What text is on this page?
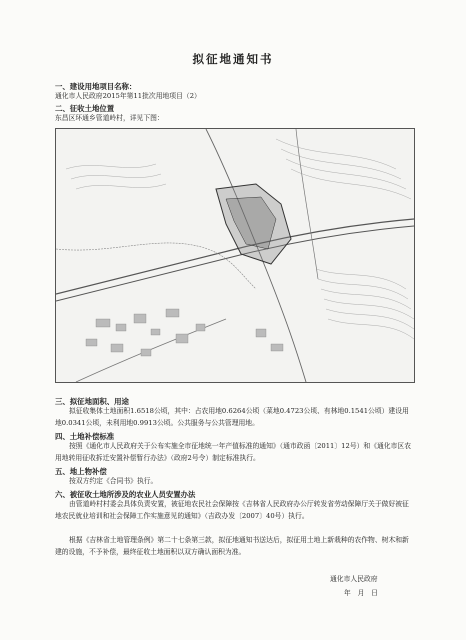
拟征地通知书
一、建设用地项目名称：
通化市人民政府2015年第11批次用地项目（2）
二、征收土地位置
东昌区环通乡管道岭村，详见下图：
三、拟征地面积、用途
拟征收集体土地面积1.6518公顷，其中：占农用地0.6264公顷（菜地0.4723公顷、有林地0.1541公顷）建设用地0.0341公顷，未利用地0.9913公顷。公共服务与公共管理用地。
四、土地补偿标准
按照《通化市人民政府关于公布实施全市征地统一年产值标准的通知》（通市政函〔2011〕12号）和《通化市区农用地转用征收拆迁安置补偿暂行办法》（政府2号令）制定标准执行。
五、地上物补偿
按双方约定《合同书》执行。
六、被征收土地所涉及的农业人员安置办法
由管道岭村村委会具体负责安置，被征地农民社会保障按《吉林省人民政府办公厅转发省劳动保障厅关于做好被征地农民就业培训和社会保障工作实施意见的通知》（吉政办发〔2007〕40号）执行。
根据《吉林省土地管理条例》第二十七条第三款，拟征地通知书送达后，拟征用土地上新栽种的农作物、树木和新建的设施，不予补偿，最终征收土地面积以双方确认面积为准。
通化市人民政府
年　月　日
